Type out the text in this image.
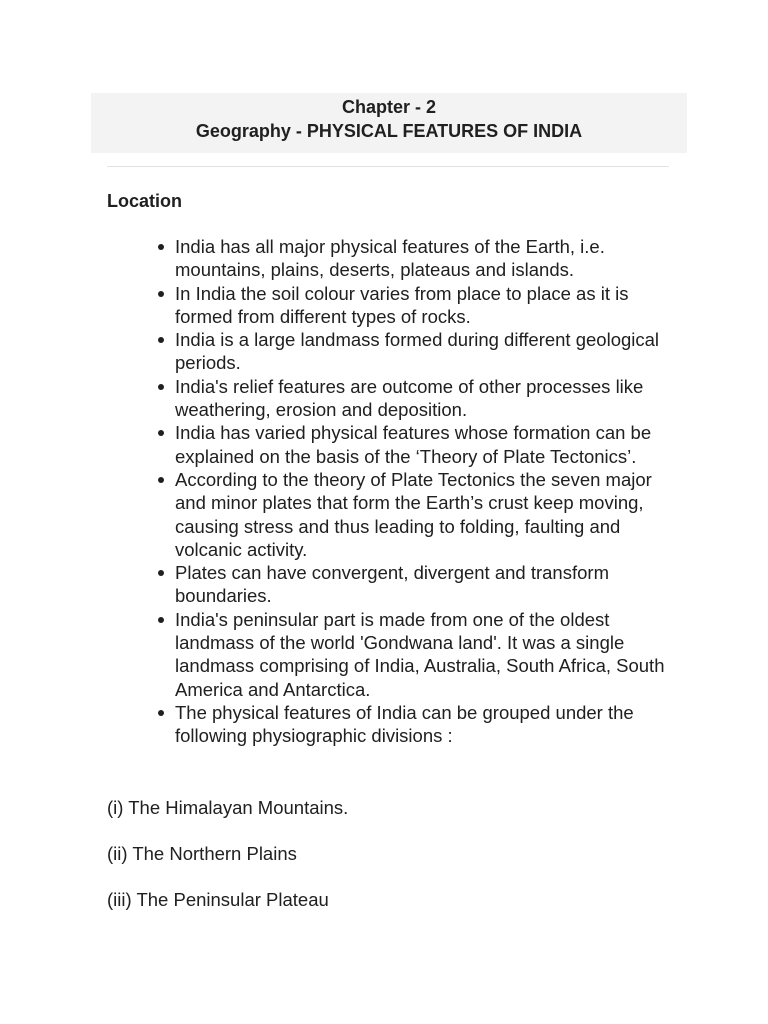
Chapter - 2
Geography - PHYSICAL FEATURES OF INDIA
Location
India has all major physical features of the Earth, i.e. mountains, plains, deserts, plateaus and islands.
In India the soil colour varies from place to place as it is formed from different types of rocks.
India is a large landmass formed during different geological periods.
India's relief features are outcome of other processes like weathering, erosion and deposition.
India has varied physical features whose formation can be explained on the basis of the ‘Theory of Plate Tectonics’.
According to the theory of Plate Tectonics the seven major and minor plates that form the Earth’s crust keep moving, causing stress and thus leading to folding, faulting and volcanic activity.
Plates can have convergent, divergent and transform boundaries.
India's peninsular part is made from one of the oldest landmass of the world 'Gondwana land'. It was a single landmass comprising of India, Australia, South Africa, South America and Antarctica.
The physical features of India can be grouped under the following physiographic divisions :
(i) The Himalayan Mountains.
(ii) The Northern Plains
(iii) The Peninsular Plateau
